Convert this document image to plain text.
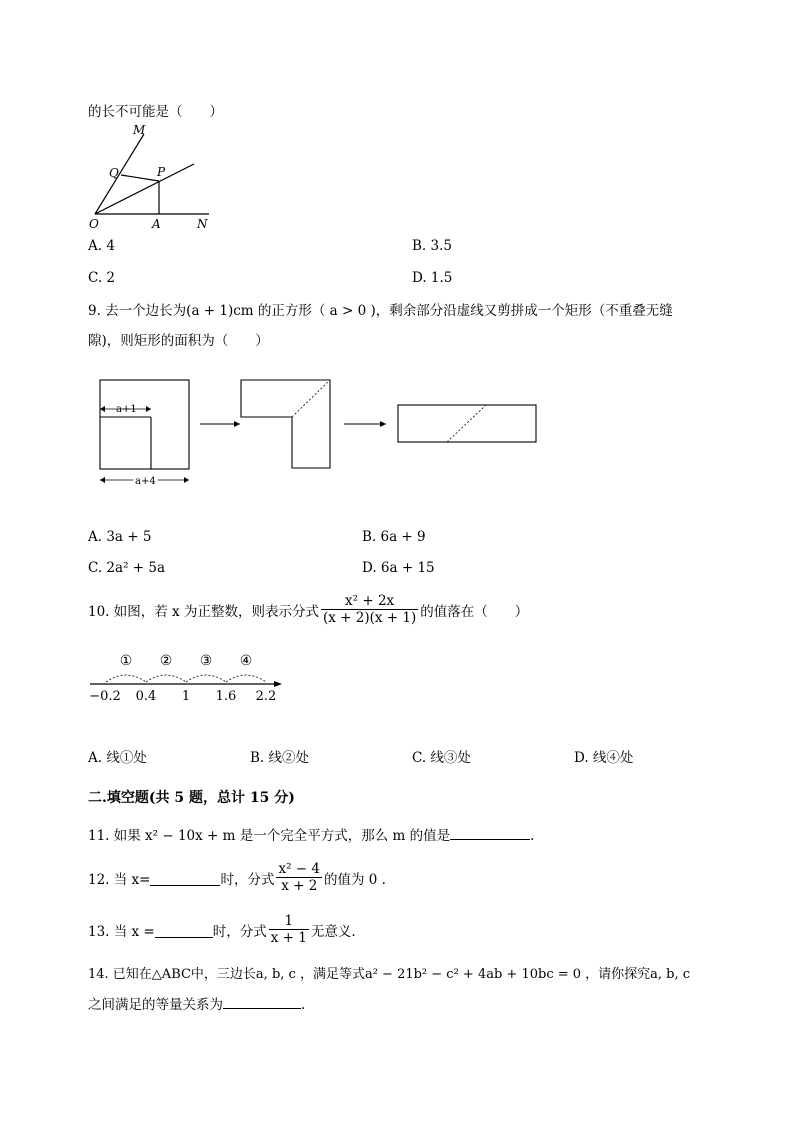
的长不可能是（　　）
M
Q	P
O	A	N
A. 4	B. 3.5
C. 2	D. 1.5
9. 去一个边长为(a + 1)cm 的正方形（ a > 0 )，剩余部分沿虚线又剪拼成一个矩形（不重叠无缝
隙)，则矩形的面积为（　　）
a+1
a+4
A. 3a + 5	B. 6a + 9
C. 2a² + 5a	D. 6a + 15
10. 如图，若 x 为正整数，则表示分式 $\frac{\text{x² + 2x}}{(x + 2)(x + 1)}$ 的值落在（　　）
① ② ③ ④
−0.2 0.4 1 1.6 2.2
A. 线①处	B. 线②处	C. 线③处	D. 线④处
二.填空题(共 5 题，总计 15 分)
11. 如果 x² − 10x + m 是一个完全平方式，那么 m 的值是	.
12. 当 x=	时，分式 $\frac{\text{x² − 4}}{x + 2}$ 的值为 0 .
13. 当 x =	时，分式 $\frac{1}{x + 1}$ 无意义.
14. 已知在△ABC中，三边长a, b, c ，满足等式a² − 21b² − c² + 4ab + 10bc = 0 ，请你探究a, b, c
之间满足的等量关系为	.
